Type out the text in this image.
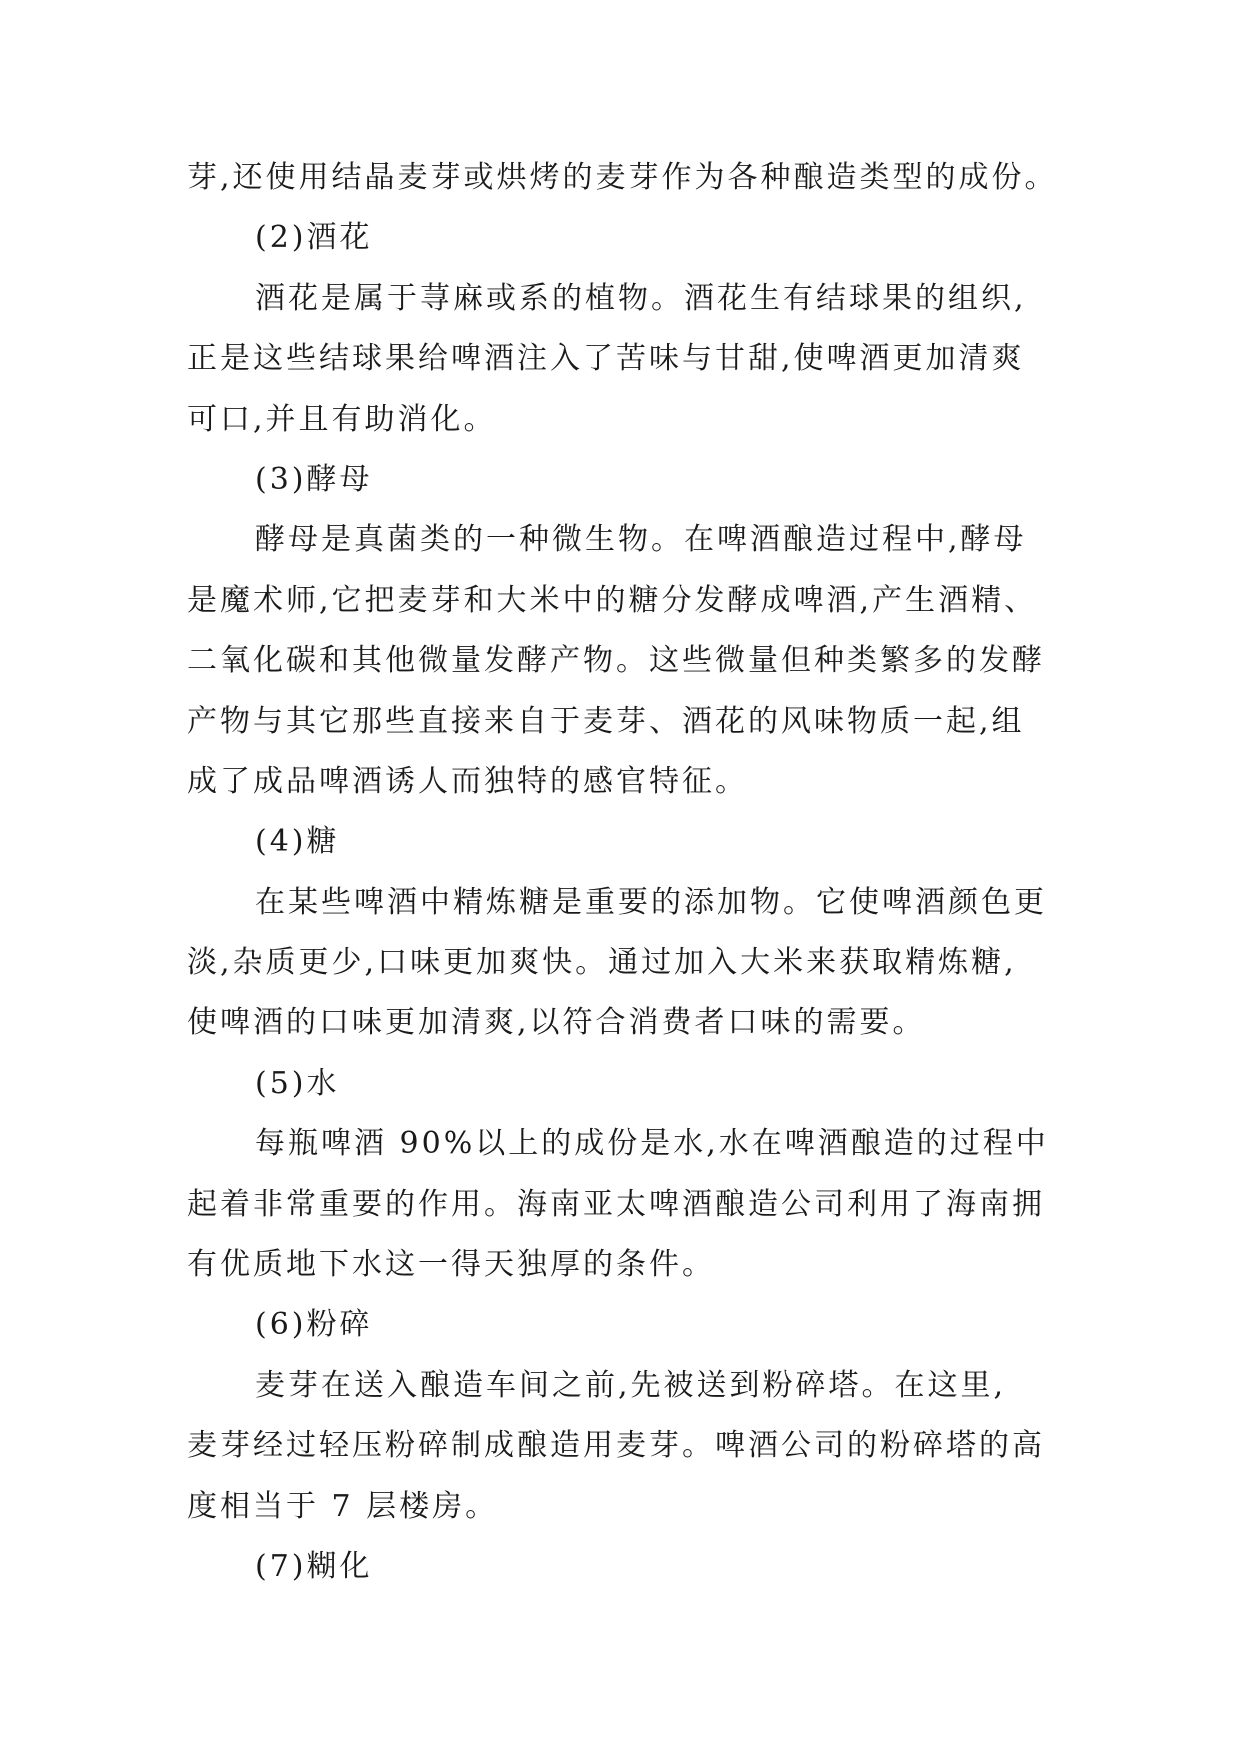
芽,还使用结晶麦芽或烘烤的麦芽作为各种酿造类型的成份。
(2)酒花
酒花是属于荨麻或系的植物。酒花生有结球果的组织,
正是这些结球果给啤酒注入了苦味与甘甜,使啤酒更加清爽
可口,并且有助消化。
(3)酵母
酵母是真菌类的一种微生物。在啤酒酿造过程中,酵母
是魔术师,它把麦芽和大米中的糖分发酵成啤酒,产生酒精、
二氧化碳和其他微量发酵产物。这些微量但种类繁多的发酵
产物与其它那些直接来自于麦芽、酒花的风味物质一起,组
成了成品啤酒诱人而独特的感官特征。
(4)糖
在某些啤酒中精炼糖是重要的添加物。它使啤酒颜色更
淡,杂质更少,口味更加爽快。通过加入大米来获取精炼糖,
使啤酒的口味更加清爽,以符合消费者口味的需要。
(5)水
每瓶啤酒 90%以上的成份是水,水在啤酒酿造的过程中
起着非常重要的作用。海南亚太啤酒酿造公司利用了海南拥
有优质地下水这一得天独厚的条件。
(6)粉碎
麦芽在送入酿造车间之前,先被送到粉碎塔。在这里,
麦芽经过轻压粉碎制成酿造用麦芽。啤酒公司的粉碎塔的高
度相当于 7 层楼房。
(7)糊化
